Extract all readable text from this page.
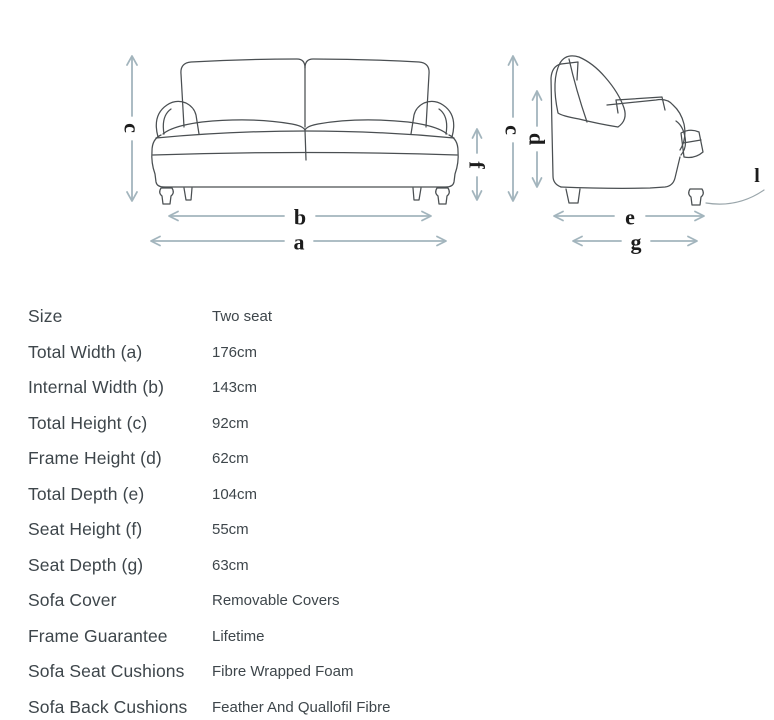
c
f
b
a
c
d
e
g
l
Size	Two seat
Total Width (a)	176cm
Internal Width (b)	143cm
Total Height (c)	92cm
Frame Height (d)	62cm
Total Depth (e)	104cm
Seat Height (f)	55cm
Seat Depth (g)	63cm
Sofa Cover	Removable Covers
Frame Guarantee	Lifetime
Sofa Seat Cushions	Fibre Wrapped Foam
Sofa Back Cushions	Feather And Quallofil Fibre
